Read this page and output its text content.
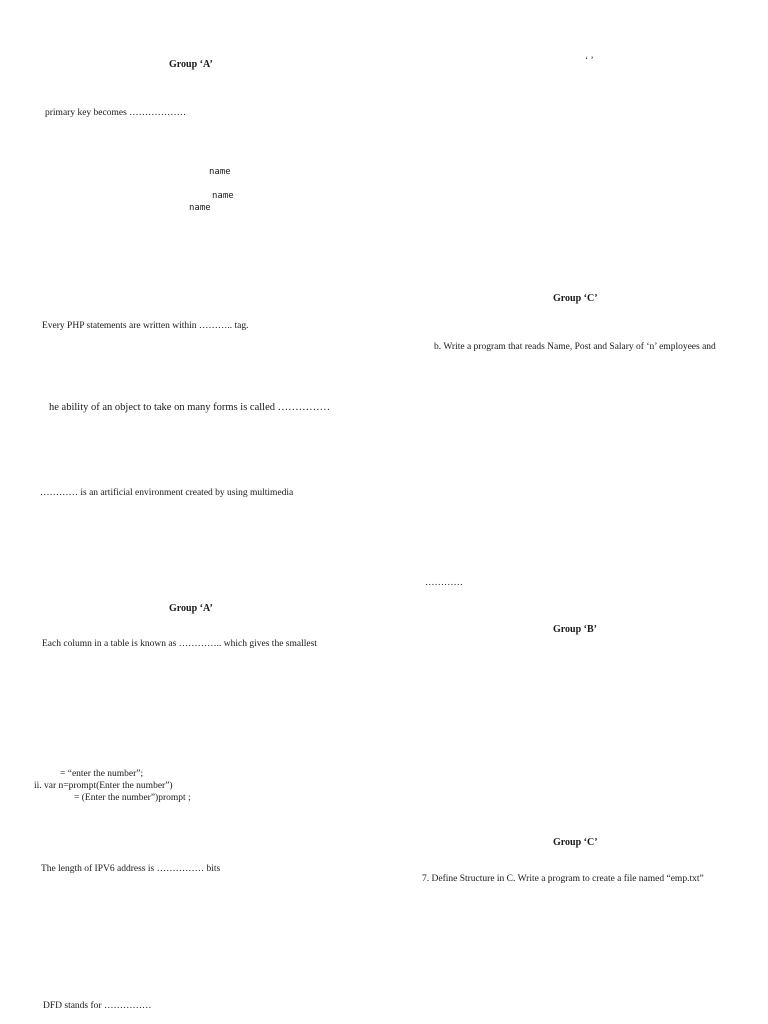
Group ‘A’
primary key becomes ………………
name
name
name
Every PHP statements are written within ……….. tag.
he ability of an object to take on many forms is called ……………
………… is an artificial environment created by using multimedia
‘ ’
Group ‘C’
b. Write a program that reads Name, Post and Salary of ‘n’ employees and
…………
Group ‘A’
Each column in a table is known as ………….. which gives the smallest
= “enter the number”;
ii. var n=prompt(Enter the number”)
= (Enter the number”)prompt ;
The length of IPV6 address is …………… bits
DFD stands for ……………
Group ‘B’
Group ‘C’
7. Define Structure in C. Write a program to create a file named “emp.txt”
